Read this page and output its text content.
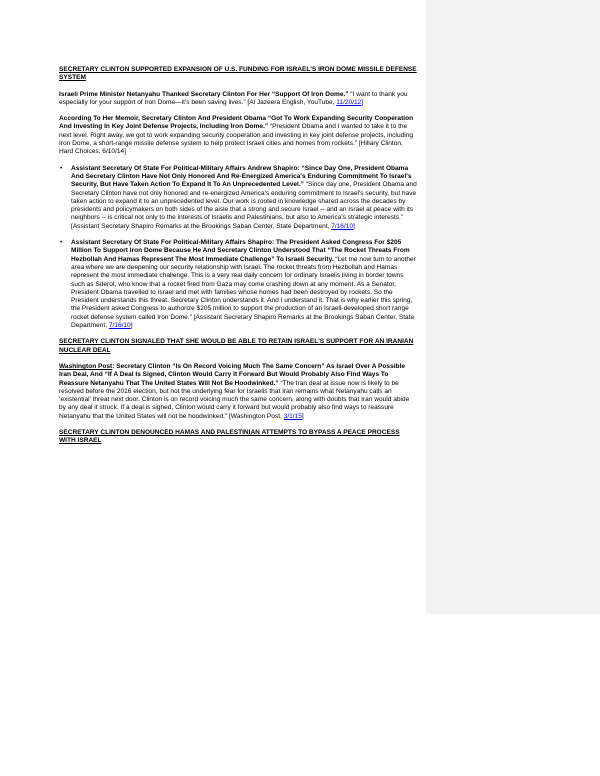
SECRETARY CLINTON SUPPORTED EXPANSION OF U.S. FUNDING FOR ISRAEL'S IRON DOME MISSILE DEFENSE SYSTEM

Israeli Prime Minister Netanyahu Thanked Secretary Clinton For Her “Support Of Iron Dome.” “I want to thank you especially for your support of Iron Dome—it’s been saving lives.” [Al Jazeera English, YouTube, 11/20/12]

According To Her Memoir, Secretary Clinton And President Obama “Got To Work Expanding Security Cooperation And Investing In Key Joint Defense Projects, Including Iron Dome.” “President Obama and I wanted to take it to the next level. Right away, we got to work expanding security cooperation and investing in key joint defense projects, including Iron Dome, a short-range missile defense system to help protect Israeli cities and homes from rockets.” [Hillary Clinton, Hard Choices, 6/10/14]

• Assistant Secretary Of State For Political-Military Affairs Andrew Shapiro: “Since Day One, President Obama And Secretary Clinton Have Not Only Honored And Re-Energized America's Enduring Commitment To Israel's Security, But Have Taken Action To Expand It To An Unprecedented Level.” “Since day one, President Obama and Secretary Clinton have not only honored and re-energized America's enduring commitment to Israel's security, but have taken action to expand it to an unprecedented level. Our work is rooted in knowledge shared across the decades by presidents and policymakers on both sides of the aisle that a strong and secure Israel -- and an Israel at peace with its neighbors -- is critical not only to the interests of Israelis and Palestinians, but also to America's strategic interests.” [Assistant Secretary Shapiro Remarks at the Brookings Saban Center, State Department, 7/16/10]
• Assistant Secretary Of State For Political-Military Affairs Shapiro: The President Asked Congress For $205 Million To Support Iron Dome Because He And Secretary Clinton Understood That “The Rocket Threats From Hezbollah And Hamas Represent The Most Immediate Challenge” To Israeli Security. “Let me now turn to another area where we are deepening our security relationship with Israel. The rocket threats from Hezbollah and Hamas represent the most immediate challenge. This is a very real daily concern for ordinary Israelis living in border towns such as Sderot, who know that a rocket fired from Gaza may come crashing down at any moment. As a Senator, President Obama travelled to Israel and met with families whose homes had been destroyed by rockets. So the President understands this threat. Secretary Clinton understands it. And I understand it. That is why earlier this spring, the President asked Congress to authorize $205 million to support the production of an Israeli-developed short range rocket defense system called Iron Dome.” [Assistant Secretary Shapiro Remarks at the Brookings Saban Center, State Department, 7/16/10]
SECRETARY CLINTON SIGNALED THAT SHE WOULD BE ABLE TO RETAIN ISRAEL'S SUPPORT FOR AN IRANIAN NUCLEAR DEAL

Washington Post: Secretary Clinton “Is On Record Voicing Much The Same Concern” As Israel Over A Possible Iran Deal, And “If A Deal Is Signed, Clinton Would Carry It Forward But Would Probably Also Find Ways To Reassure Netanyahu That The United States Will Not Be Hoodwinked.” “The Iran deal at issue now is likely to be resolved before the 2016 election, but not the underlying fear for Israelis that Iran remains what Netanyahu calls an ‘existential’ threat next door. Clinton is on record voicing much the same concern, along with doubts that Iran would abide by any deal it struck. If a deal is signed, Clinton would carry it forward but would probably also find ways to reassure Netanyahu that the United States will not be hoodwinked.” [Washington Post, 3/1/15]

SECRETARY CLINTON DENOUNCED HAMAS AND PALESTINIAN ATTEMPTS TO BYPASS A PEACE PROCESS WITH ISRAEL
